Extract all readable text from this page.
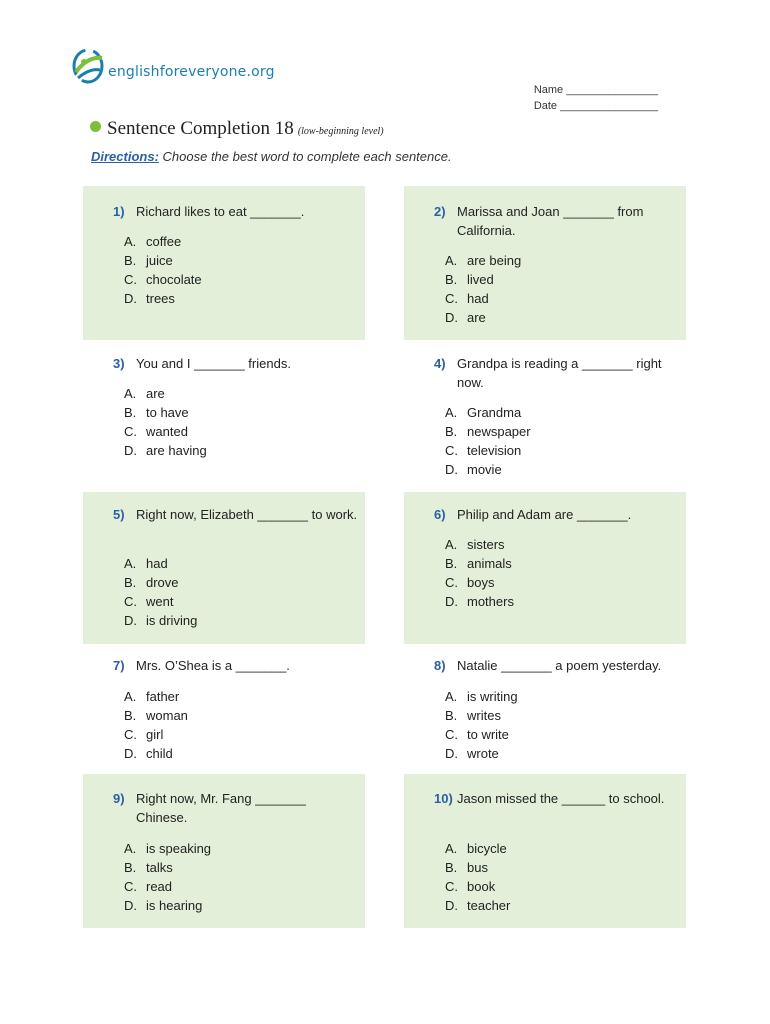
englishforeveryone.org
Name _______________
Date ________________
Sentence Completion 18 (low-beginning level)
Directions: Choose the best word to complete each sentence.
1) Richard likes to eat _______.
A. coffee
B. juice
C. chocolate
D. trees
2) Marissa and Joan _______ from California.
A. are being
B. lived
C. had
D. are
3) You and I _______ friends.
A. are
B. to have
C. wanted
D. are having
4) Grandpa is reading a _______ right now.
A. Grandma
B. newspaper
C. television
D. movie
5) Right now, Elizabeth _______ to work.
A. had
B. drove
C. went
D. is driving
6) Philip and Adam are _______.
A. sisters
B. animals
C. boys
D. mothers
7) Mrs. O’Shea is a _______.
A. father
B. woman
C. girl
D. child
8) Natalie _______ a poem yesterday.
A. is writing
B. writes
C. to write
D. wrote
9) Right now, Mr. Fang _______ Chinese.
A. is speaking
B. talks
C. read
D. is hearing
10) Jason missed the ______ to school.
A. bicycle
B. bus
C. book
D. teacher
